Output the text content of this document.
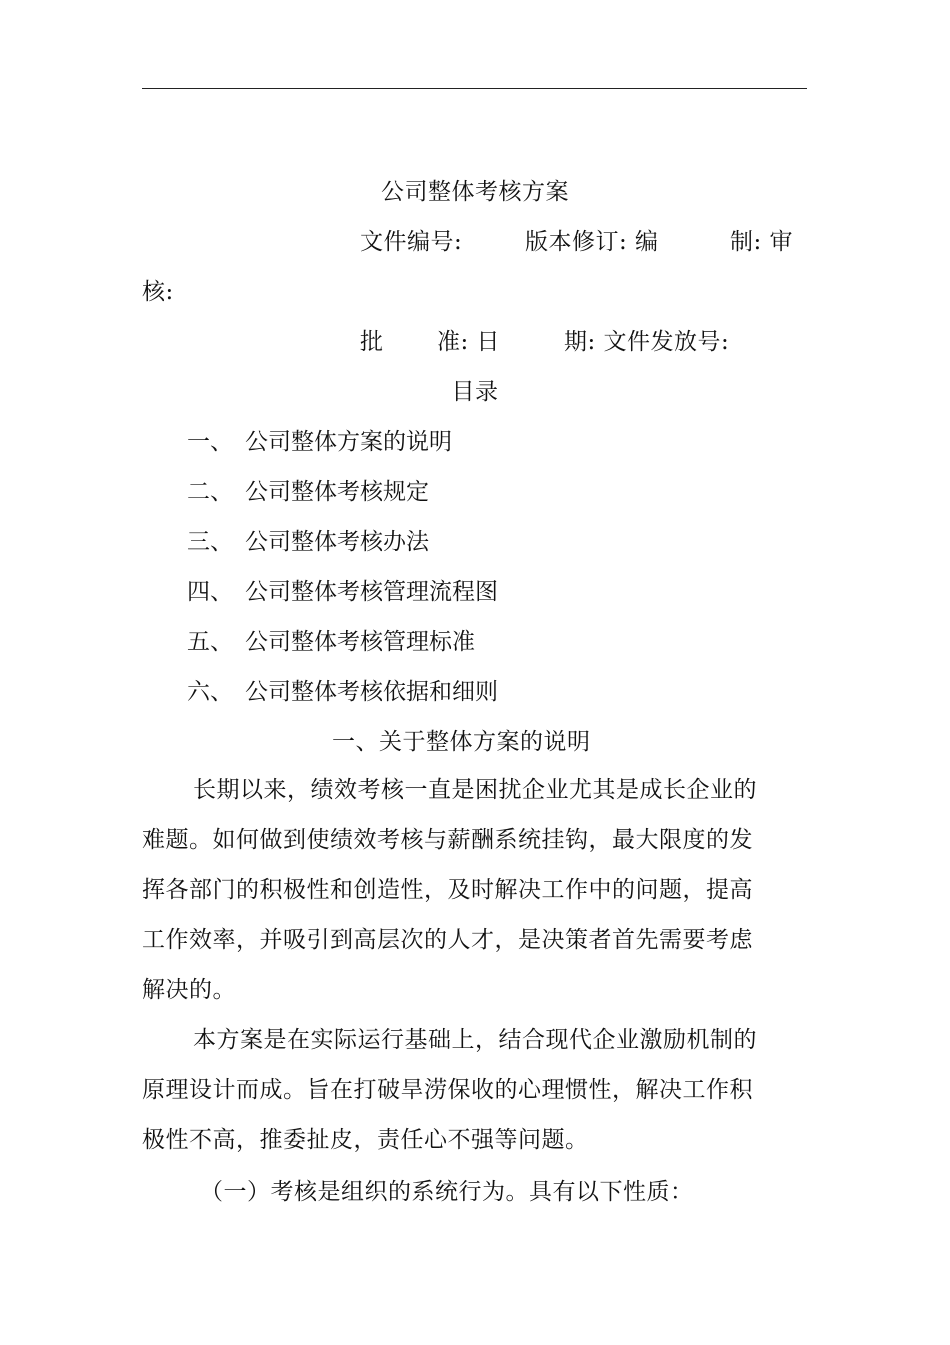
公司整体考核方案
文件编号:	版本修订: 编	制: 审
核:
批 准: 日	期: 文件发放号:
目录
一、 公司整体方案的说明
二、 公司整体考核规定
三、 公司整体考核办法
四、 公司整体考核管理流程图
五、 公司整体考核管理标准
六、 公司整体考核依据和细则
一、关于整体方案的说明
长期以来，绩效考核一直是困扰企业尤其是成长企业的
难题。如何做到使绩效考核与薪酬系统挂钩，最大限度的发
挥各部门的积极性和创造性，及时解决工作中的问题，提高
工作效率，并吸引到高层次的人才，是决策者首先需要考虑
解决的。
本方案是在实际运行基础上，结合现代企业激励机制的
原理设计而成。旨在打破旱涝保收的心理惯性，解决工作积
极性不高，推委扯皮，责任心不强等问题。
（一）考核是组织的系统行为。具有以下性质：
